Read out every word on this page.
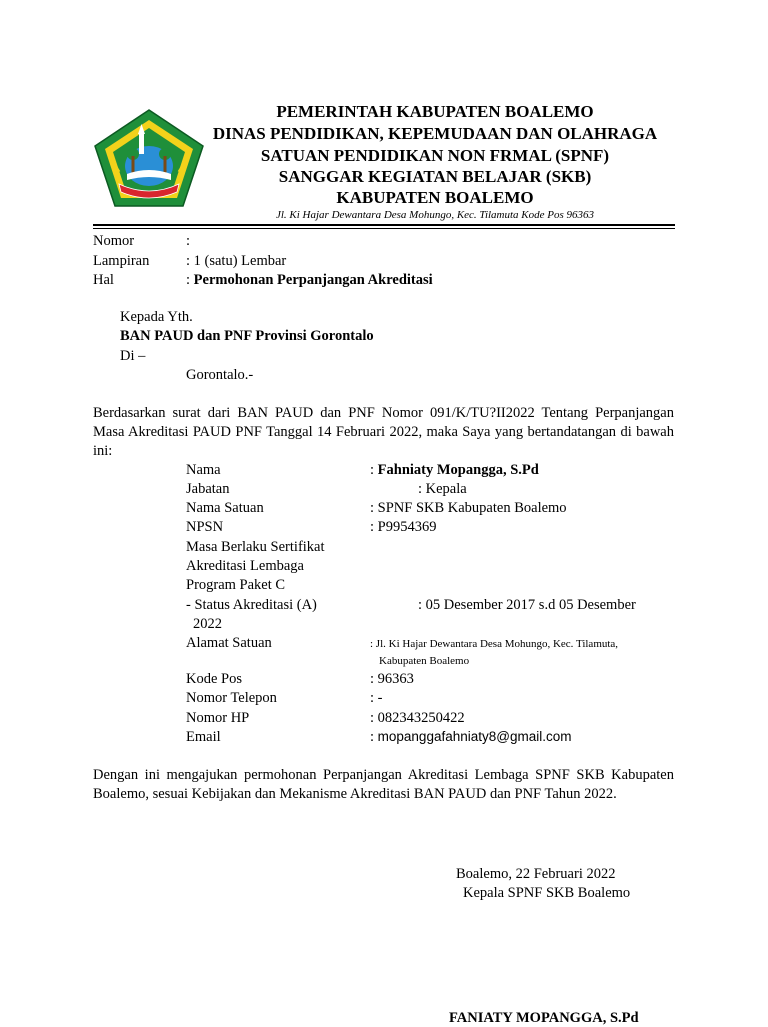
PEMERINTAH KABUPATEN BOALEMO
DINAS PENDIDIKAN, KEPEMUDAAN DAN OLAHRAGA
SATUAN PENDIDIKAN NON FRMAL (SPNF)
SANGGAR KEGIATAN BELAJAR (SKB)
KABUPATEN BOALEMO
Jl. Ki Hajar Dewantara Desa Mohungo, Kec. Tilamuta Kode Pos 96363
Nomor	:
Lampiran	: 1 (satu) Lembar
Hal	: Permohonan Perpanjangan Akreditasi
Kepada Yth.
BAN PAUD dan PNF Provinsi Gorontalo
Di –
Gorontalo.-
Berdasarkan surat dari BAN PAUD dan PNF Nomor 091/K/TU?II2022 Tentang Perpanjangan Masa Akreditasi PAUD PNF Tanggal 14 Februari 2022, maka Saya yang bertandatangan di bawah ini:
Nama	: Fahniaty Mopangga, S.Pd
Jabatan	: Kepala
Nama Satuan	: SPNF SKB Kabupaten Boalemo
NPSN	: P9954369
Masa Berlaku Sertifikat
Akreditasi Lembaga
Program Paket C
- Status Akreditasi (A)	: 05 Desember 2017 s.d 05 Desember
2022
Alamat Satuan	: Jl. Ki Hajar Dewantara Desa Mohungo, Kec. Tilamuta,
Kabupaten Boalemo
Kode Pos	: 96363
Nomor Telepon	: -
Nomor HP	: 082343250422
Email	: mopanggafahniaty8@gmail.com
Dengan ini mengajukan permohonan Perpanjangan Akreditasi Lembaga SPNF SKB Kabupaten Boalemo, sesuai Kebijakan dan Mekanisme Akreditasi BAN PAUD dan PNF Tahun 2022.
Boalemo, 22 Februari 2022
Kepala SPNF SKB Boalemo
FANIATY MOPANGGA, S.Pd
